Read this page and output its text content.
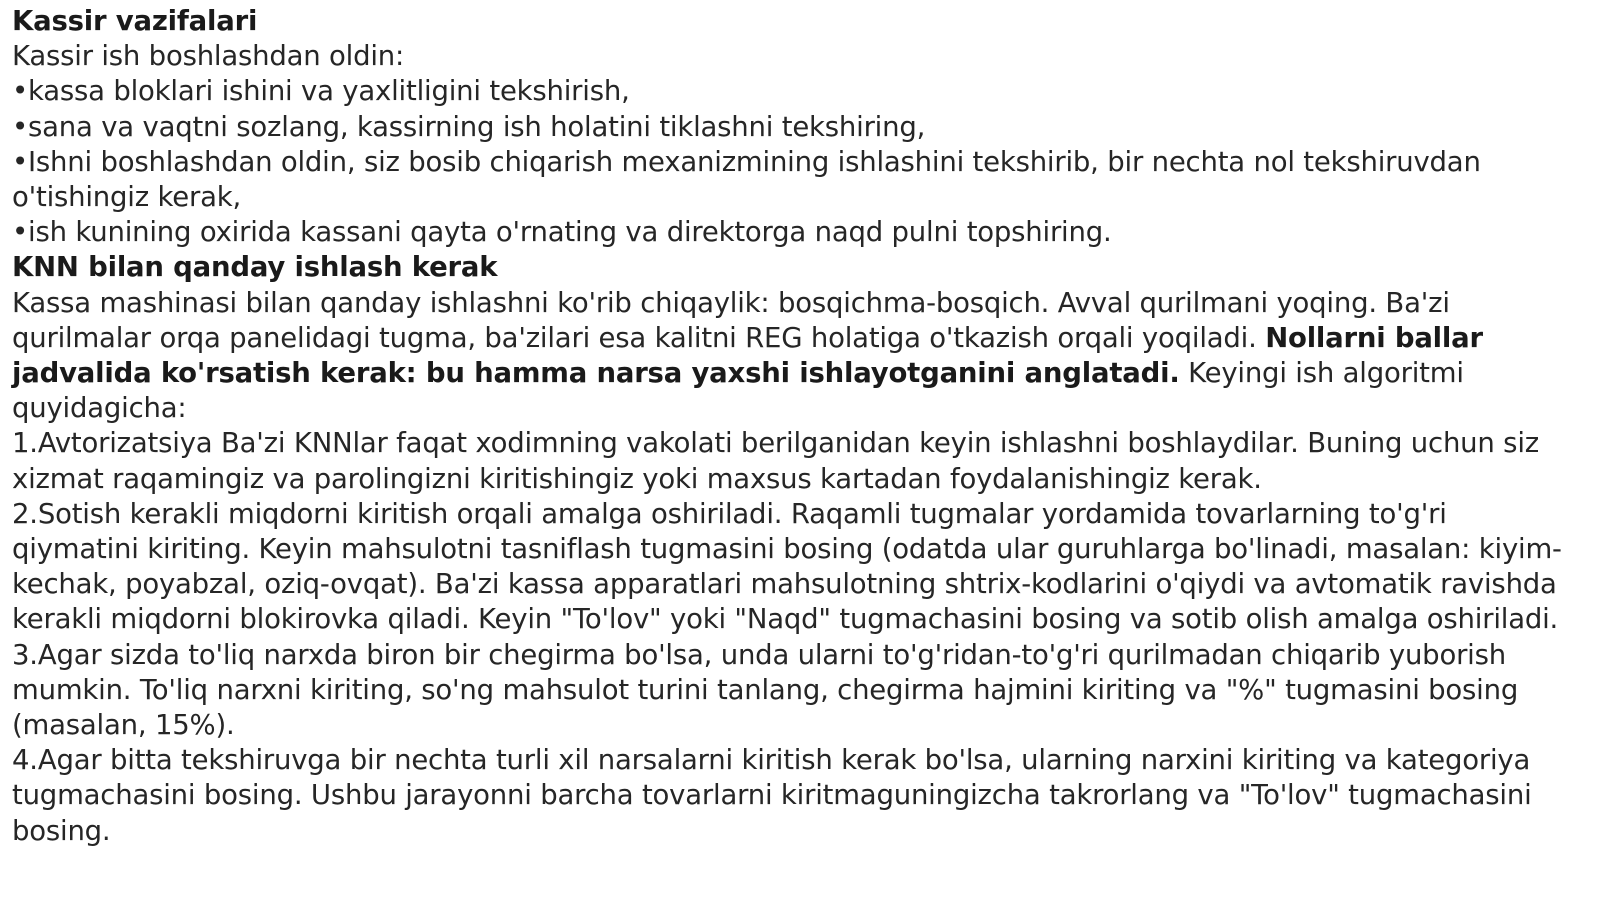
Kassir vazifalari

Kassir ish boshlashdan oldin:

•kassa bloklari ishini va yaxlitligini tekshirish,

•sana va vaqtni sozlang, kassirning ish holatini tiklashni tekshiring,

•Ishni boshlashdan oldin, siz bosib chiqarish mexanizmining ishlashini tekshirib, bir nechta nol tekshiruvdan o'tishingiz kerak,

•ish kunining oxirida kassani qayta o'rnating va direktorga naqd pulni topshiring.

KNN bilan qanday ishlash kerak

Kassa mashinasi bilan qanday ishlashni ko'rib chiqaylik: bosqichma-bosqich. Avval qurilmani yoqing. Ba'zi qurilmalar orqa panelidagi tugma, ba'zilari esa kalitni REG holatiga o'tkazish orqali yoqiladi. Nollarni ballar jadvalida ko'rsatish kerak: bu hamma narsa yaxshi ishlayotganini anglatadi. Keyingi ish algoritmi quyidagicha:

1.Avtorizatsiya Ba'zi KNNlar faqat xodimning vakolati berilganidan keyin ishlashni boshlaydilar. Buning uchun siz xizmat raqamingiz va parolingizni kiritishingiz yoki maxsus kartadan foydalanishingiz kerak.

2.Sotish kerakli miqdorni kiritish orqali amalga oshiriladi. Raqamli tugmalar yordamida tovarlarning to'g'ri qiymatini kiriting. Keyin mahsulotni tasniflash tugmasini bosing (odatda ular guruhlarga bo'linadi, masalan: kiyim-kechak, poyabzal, oziq-ovqat). Ba'zi kassa apparatlari mahsulotning shtrix-kodlarini o'qiydi va avtomatik ravishda kerakli miqdorni blokirovka qiladi. Keyin "To'lov" yoki "Naqd" tugmachasini bosing va sotib olish amalga oshiriladi.

3.Agar sizda to'liq narxda biron bir chegirma bo'lsa, unda ularni to'g'ridan-to'g'ri qurilmadan chiqarib yuborish mumkin. To'liq narxni kiriting, so'ng mahsulot turini tanlang, chegirma hajmini kiriting va "%" tugmasini bosing (masalan, 15%).

4.Agar bitta tekshiruvga bir nechta turli xil narsalarni kiritish kerak bo'lsa, ularning narxini kiriting va kategoriya tugmachasini bosing. Ushbu jarayonni barcha tovarlarni kiritmaguningizcha takrorlang va "To'lov" tugmachasini bosing.
